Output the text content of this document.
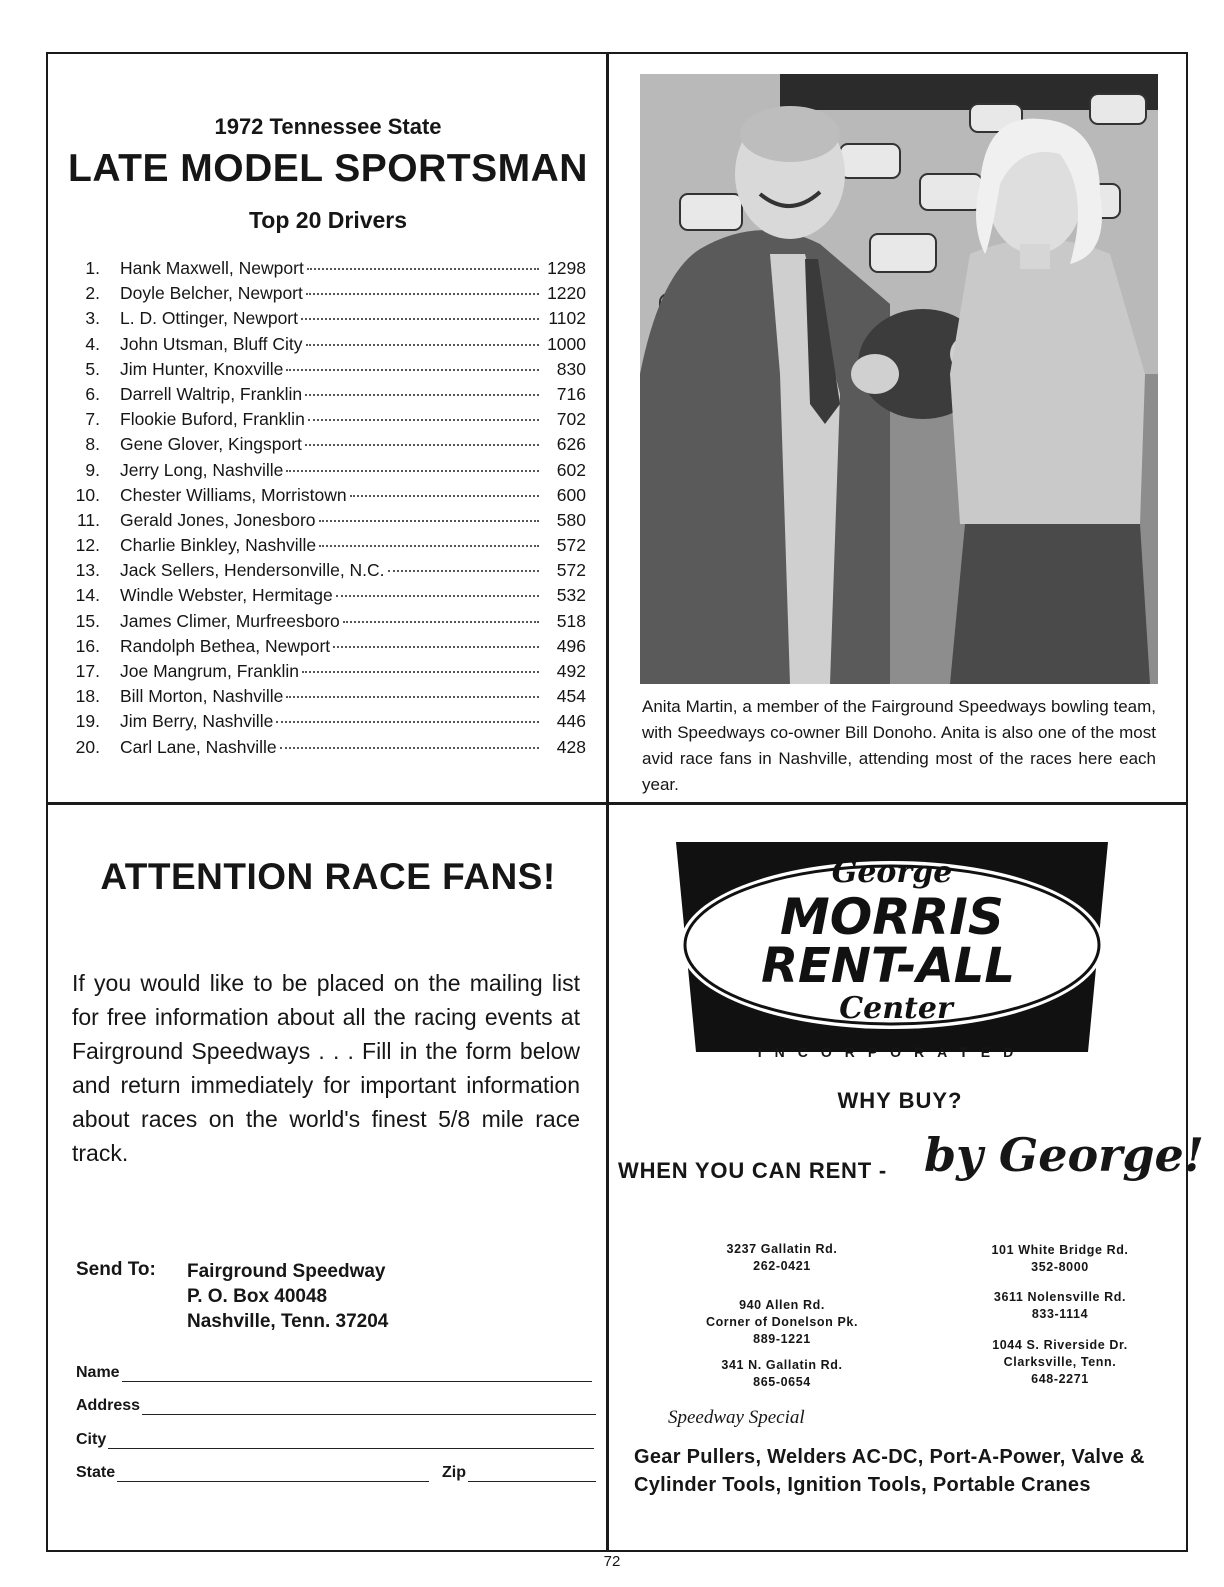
1972 Tennessee State
LATE MODEL SPORTSMAN
Top 20 Drivers
1. Hank Maxwell, Newport	1298
2. Doyle Belcher, Newport	1220
3. L. D. Ottinger, Newport	1102
4. John Utsman, Bluff City	1000
5. Jim Hunter, Knoxville	830
6. Darrell Waltrip, Franklin	716
7. Flookie Buford, Franklin	702
8. Gene Glover, Kingsport	626
9. Jerry Long, Nashville	602
10. Chester Williams, Morristown	600
11. Gerald Jones, Jonesboro	580
12. Charlie Binkley, Nashville	572
13. Jack Sellers, Hendersonville, N.C.	572
14. Windle Webster, Hermitage	532
15. James Climer, Murfreesboro	518
16. Randolph Bethea, Newport	496
17. Joe Mangrum, Franklin	492
18. Bill Morton, Nashville	454
19. Jim Berry, Nashville	446
20. Carl Lane, Nashville	428
Anita Martin, a member of the Fairground Speedways bowling team, with Speedways co-owner Bill Donoho. Anita is also one of the most avid race fans in Nashville, attending most of the races here each year.
ATTENTION RACE FANS!
If you would like to be placed on the mailing list for free information about all the racing events at Fairground Speedways . . . Fill in the form below and return immediately for important information about races on the world's finest 5/8 mile race track.
Send To: Fairground Speedway
P. O. Box 40048
Nashville, Tenn. 37204
Name
Address
City
State	Zip
George
MORRIS
RENT-ALL
Center
INCORPORATED
WHY BUY?
WHEN YOU CAN RENT - by George!
3237 Gallatin Rd.
262-0421
940 Allen Rd.
Corner of Donelson Pk.
889-1221
341 N. Gallatin Rd.
865-0654
101 White Bridge Rd.
352-8000
3611 Nolensville Rd.
833-1114
1044 S. Riverside Dr.
Clarksville, Tenn.
648-2271
Speedway Special
Gear Pullers, Welders AC-DC, Port-A-Power, Valve & Cylinder Tools, Ignition Tools, Portable Cranes
72
